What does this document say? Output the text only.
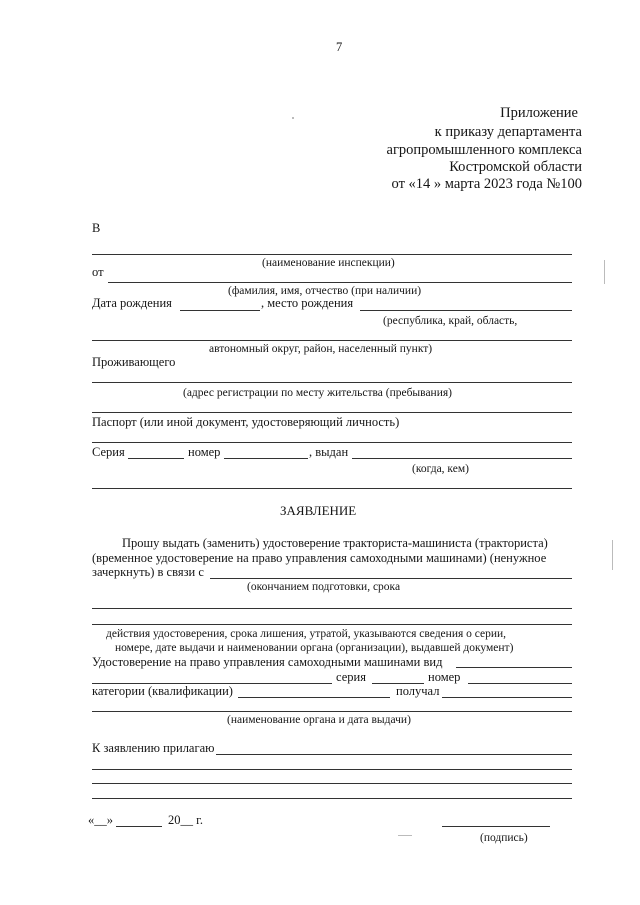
7
Приложение
к приказу департамента
агропромышленного комплекса
Костромской области
от «14 » марта 2023 года №100
В
(наименование инспекции)
от
(фамилия, имя, отчество (при наличии)
Дата рождения	, место рождения
(республика, край, область,
автономный округ, район, населенный пункт)
Проживающего
(адрес регистрации по месту жительства (пребывания)
Паспорт (или иной документ, удостоверяющий личность)
Серия	номер	, выдан
(когда, кем)
ЗАЯВЛЕНИЕ
Прошу выдать (заменить) удостоверение тракториста-машиниста (тракториста)
(временное удостоверение на право управления самоходными машинами) (ненужное
зачеркнуть) в связи с
(окончанием подготовки, срока
действия удостоверения, срока лишения, утратой, указываются сведения о серии,
номере, дате выдачи и наименовании органа (организации), выдавшей документ)
Удостоверение на право управления самоходными машинами вид
серия	номер
категории (квалификации)	получал
(наименование органа и дата выдачи)
К заявлению прилагаю
«__»	20__ г.
(подпись)
